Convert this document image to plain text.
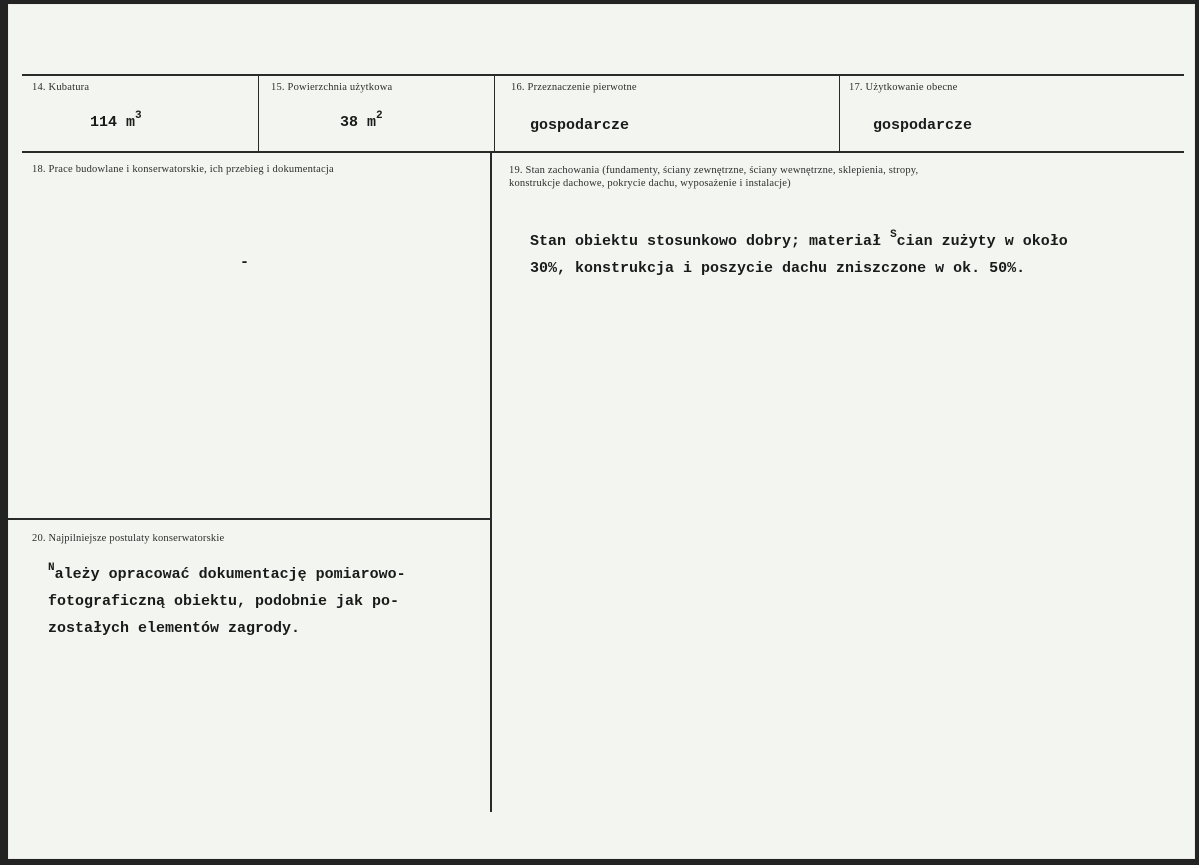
14. Kubatura
114 $m^3$
15. Powierzchnia użytkowa
38 $m^2$
16. Przeznaczenie pierwotne
gospodarcze
17. Użytkowanie obecne
gospodarcze
18. Prace budowlane i konserwatorskie, ich przebieg i dokumentacja
-
19. Stan zachowania (fundamenty, ściany zewnętrzne, ściany wewnętrzne, sklepienia, stropy,
konstrukcje dachowe, pokrycie dachu, wyposażenie i instalacje)
Stan obiektu stosunkowo dobry; materiał $^S$cian zużyty w około
30%, konstrukcja i poszycie dachu zniszczone w ok. 50%.
20. Najpilniejsze postulaty konserwatorskie
$^N$ależy opracować dokumentację pomiarowo-
fotograficzną obiektu, podobnie jak po-
zostałych elementów zagrody.
